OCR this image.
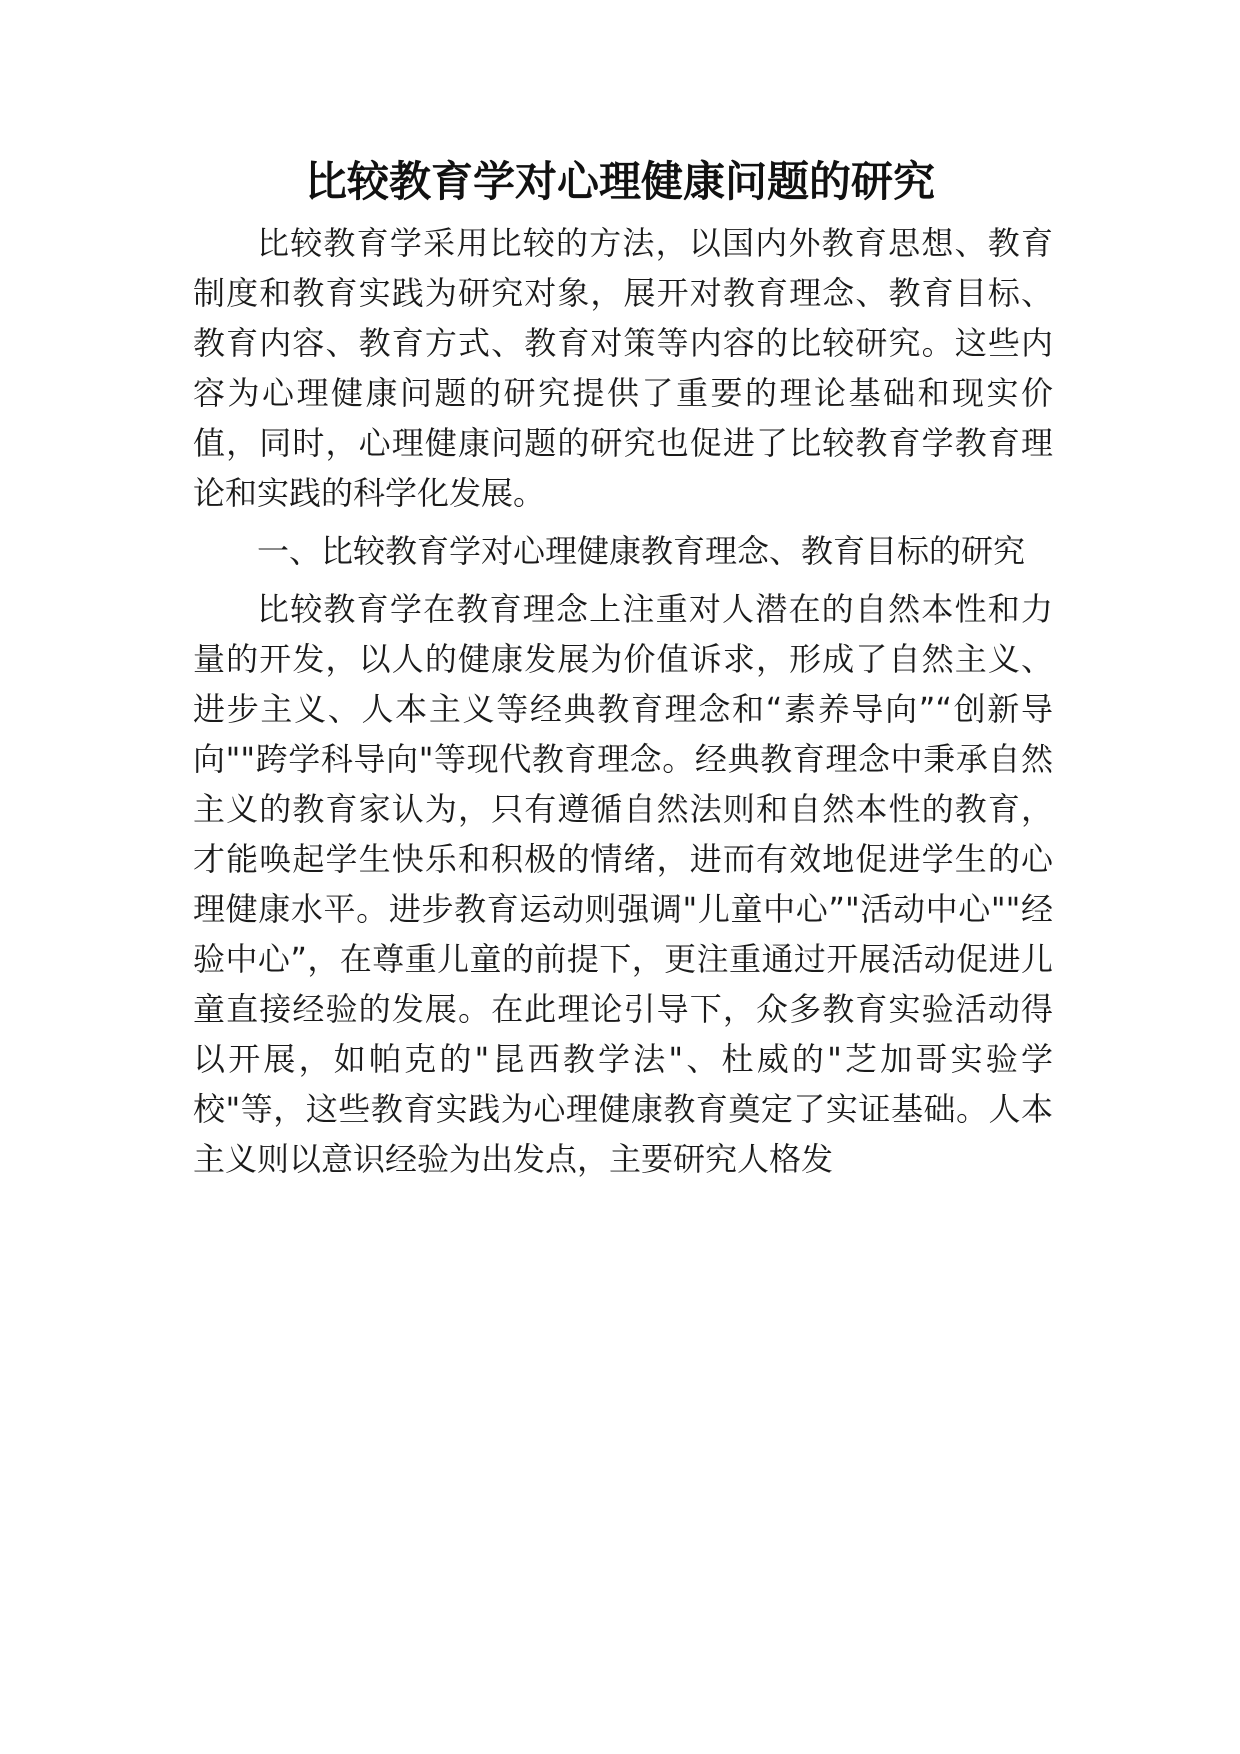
比较教育学对心理健康问题的研究

比较教育学采用比较的方法，以国内外教育思想、教育制度和教育实践为研究对象，展开对教育理念、教育目标、教育内容、教育方式、教育对策等内容的比较研究。这些内容为心理健康问题的研究提供了重要的理论基础和现实价值，同时，心理健康问题的研究也促进了比较教育学教育理论和实践的科学化发展。

一、比较教育学对心理健康教育理念、教育目标的研究

比较教育学在教育理念上注重对人潜在的自然本性和力量的开发，以人的健康发展为价值诉求，形成了自然主义、进步主义、人本主义等经典教育理念和“素养导向”“创新导向""跨学科导向"等现代教育理念。经典教育理念中秉承自然主义的教育家认为，只有遵循自然法则和自然本性的教育，才能唤起学生快乐和积极的情绪，进而有效地促进学生的心理健康水平。进步教育运动则强调"儿童中心”"活动中心""经验中心”，在尊重儿童的前提下，更注重通过开展活动促进儿童直接经验的发展。在此理论引导下，众多教育实验活动得以开展，如帕克的"昆西教学法"、杜威的"芝加哥实验学校"等，这些教育实践为心理健康教育奠定了实证基础。人本主义则以意识经验为出发点，主要研究人格发
